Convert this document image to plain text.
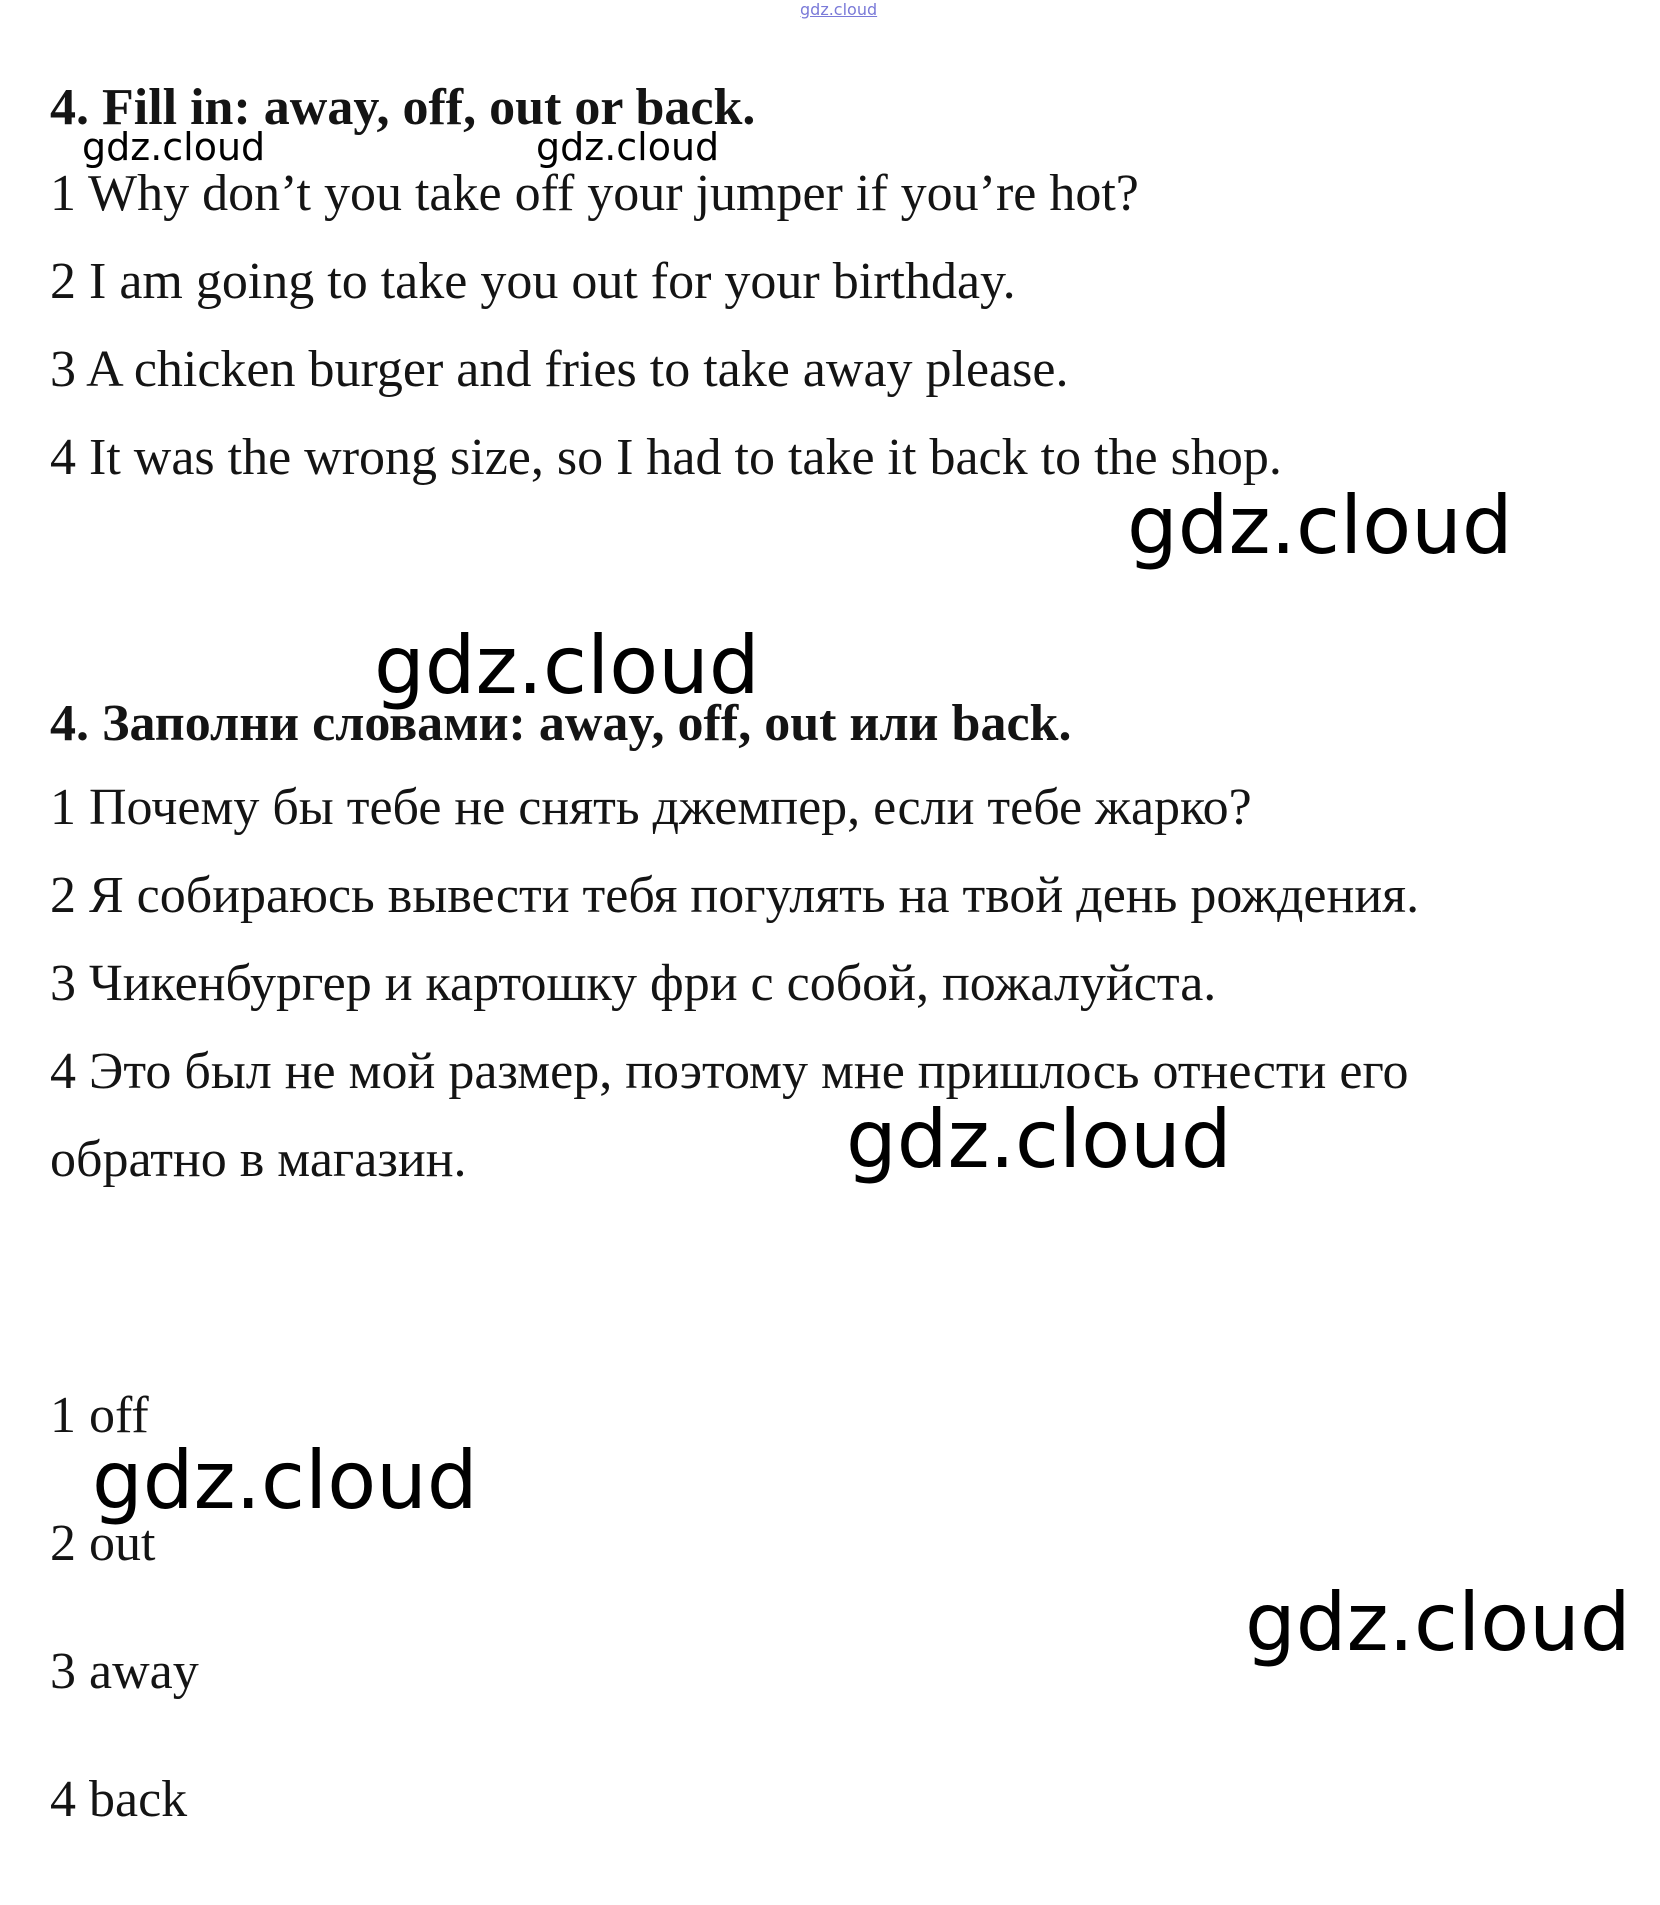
gdz.cloud
gdz.cloud	gdz.cloud
gdz.cloud
gdz.cloud
gdz.cloud
gdz.cloud
gdz.cloud
4. Fill in: away, off, out or back.
1 Why don’t you take off your jumper if you’re hot?
2 I am going to take you out for your birthday.
3 A chicken burger and fries to take away please.
4 It was the wrong size, so I had to take it back to the shop.
4. Заполни словами: away, off, out или back.
1 Почему бы тебе не снять джемпер, если тебе жарко?
2 Я собираюсь вывести тебя погулять на твой день рождения.
3 Чикенбургер и картошку фри с собой, пожалуйста.
4 Это был не мой размер, поэтому мне пришлось отнести его
обратно в магазин.
1 off
2 out
3 away
4 back
